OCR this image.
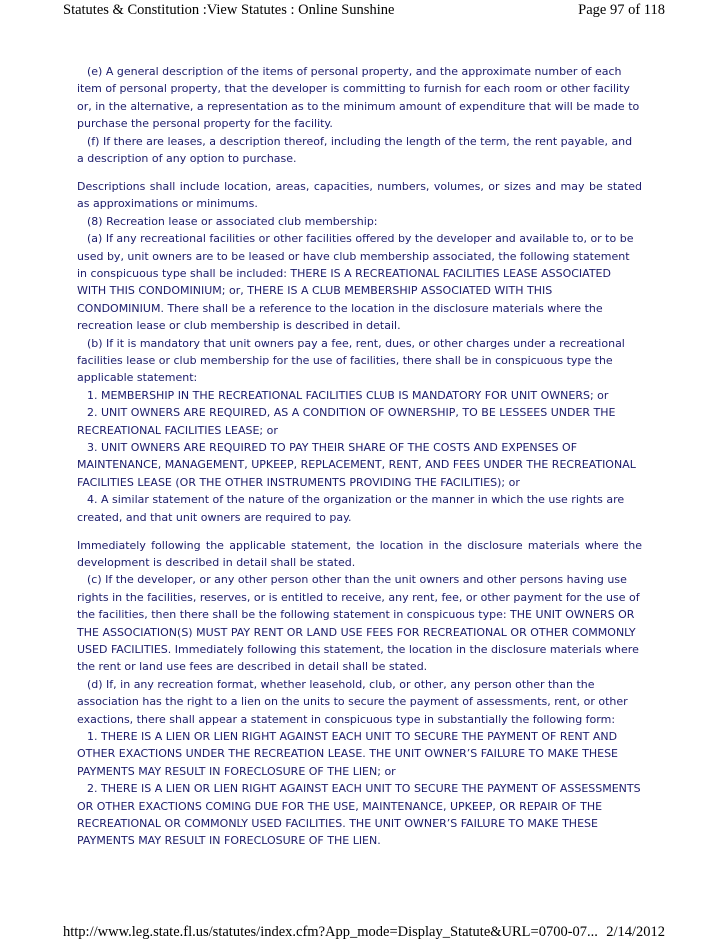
Statutes & Constitution :View Statutes : Online Sunshine	Page 97 of 118

(e) A general description of the items of personal property, and the approximate number of each item of personal property, that the developer is committing to furnish for each room or other facility or, in the alternative, a representation as to the minimum amount of expenditure that will be made to purchase the personal property for the facility.

(f) If there are leases, a description thereof, including the length of the term, the rent payable, and a description of any option to purchase.

Descriptions shall include location, areas, capacities, numbers, volumes, or sizes and may be stated as approximations or minimums.

(8) Recreation lease or associated club membership:

(a) If any recreational facilities or other facilities offered by the developer and available to, or to be used by, unit owners are to be leased or have club membership associated, the following statement in conspicuous type shall be included: THERE IS A RECREATIONAL FACILITIES LEASE ASSOCIATED WITH THIS CONDOMINIUM; or, THERE IS A CLUB MEMBERSHIP ASSOCIATED WITH THIS CONDOMINIUM. There shall be a reference to the location in the disclosure materials where the recreation lease or club membership is described in detail.

(b) If it is mandatory that unit owners pay a fee, rent, dues, or other charges under a recreational facilities lease or club membership for the use of facilities, there shall be in conspicuous type the applicable statement:

1. MEMBERSHIP IN THE RECREATIONAL FACILITIES CLUB IS MANDATORY FOR UNIT OWNERS; or

2. UNIT OWNERS ARE REQUIRED, AS A CONDITION OF OWNERSHIP, TO BE LESSEES UNDER THE RECREATIONAL FACILITIES LEASE; or

3. UNIT OWNERS ARE REQUIRED TO PAY THEIR SHARE OF THE COSTS AND EXPENSES OF MAINTENANCE, MANAGEMENT, UPKEEP, REPLACEMENT, RENT, AND FEES UNDER THE RECREATIONAL FACILITIES LEASE (OR THE OTHER INSTRUMENTS PROVIDING THE FACILITIES); or

4. A similar statement of the nature of the organization or the manner in which the use rights are created, and that unit owners are required to pay.

Immediately following the applicable statement, the location in the disclosure materials where the development is described in detail shall be stated.

(c) If the developer, or any other person other than the unit owners and other persons having use rights in the facilities, reserves, or is entitled to receive, any rent, fee, or other payment for the use of the facilities, then there shall be the following statement in conspicuous type: THE UNIT OWNERS OR THE ASSOCIATION(S) MUST PAY RENT OR LAND USE FEES FOR RECREATIONAL OR OTHER COMMONLY USED FACILITIES. Immediately following this statement, the location in the disclosure materials where the rent or land use fees are described in detail shall be stated.

(d) If, in any recreation format, whether leasehold, club, or other, any person other than the association has the right to a lien on the units to secure the payment of assessments, rent, or other exactions, there shall appear a statement in conspicuous type in substantially the following form:

1. THERE IS A LIEN OR LIEN RIGHT AGAINST EACH UNIT TO SECURE THE PAYMENT OF RENT AND OTHER EXACTIONS UNDER THE RECREATION LEASE. THE UNIT OWNER’S FAILURE TO MAKE THESE PAYMENTS MAY RESULT IN FORECLOSURE OF THE LIEN; or

2. THERE IS A LIEN OR LIEN RIGHT AGAINST EACH UNIT TO SECURE THE PAYMENT OF ASSESSMENTS OR OTHER EXACTIONS COMING DUE FOR THE USE, MAINTENANCE, UPKEEP, OR REPAIR OF THE RECREATIONAL OR COMMONLY USED FACILITIES. THE UNIT OWNER’S FAILURE TO MAKE THESE PAYMENTS MAY RESULT IN FORECLOSURE OF THE LIEN.

http://www.leg.state.fl.us/statutes/index.cfm?App_mode=Display_Statute&URL=0700-07... 2/14/2012
